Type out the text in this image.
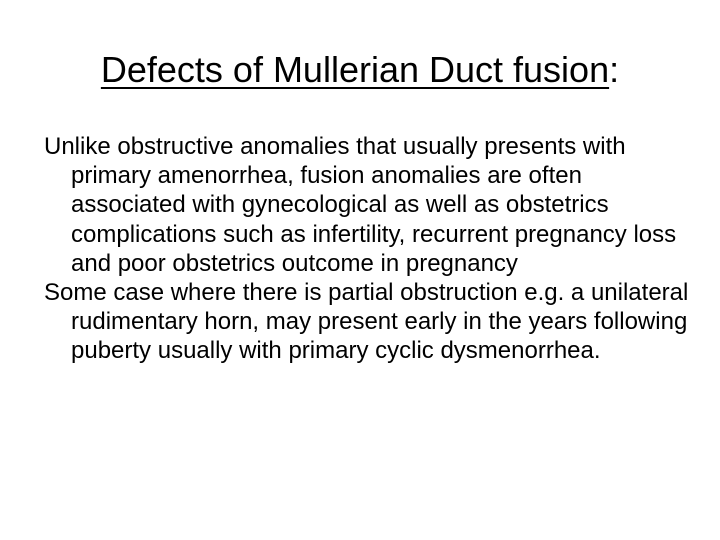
Defects of Mullerian Duct fusion:

Unlike obstructive anomalies that usually presents with primary amenorrhea, fusion anomalies are often associated with gynecological as well as obstetrics complications such as infertility, recurrent pregnancy loss and poor obstetrics outcome in pregnancy

Some case where there is partial obstruction e.g. a unilateral rudimentary horn, may present early in the years following puberty usually with primary cyclic dysmenorrhea.
